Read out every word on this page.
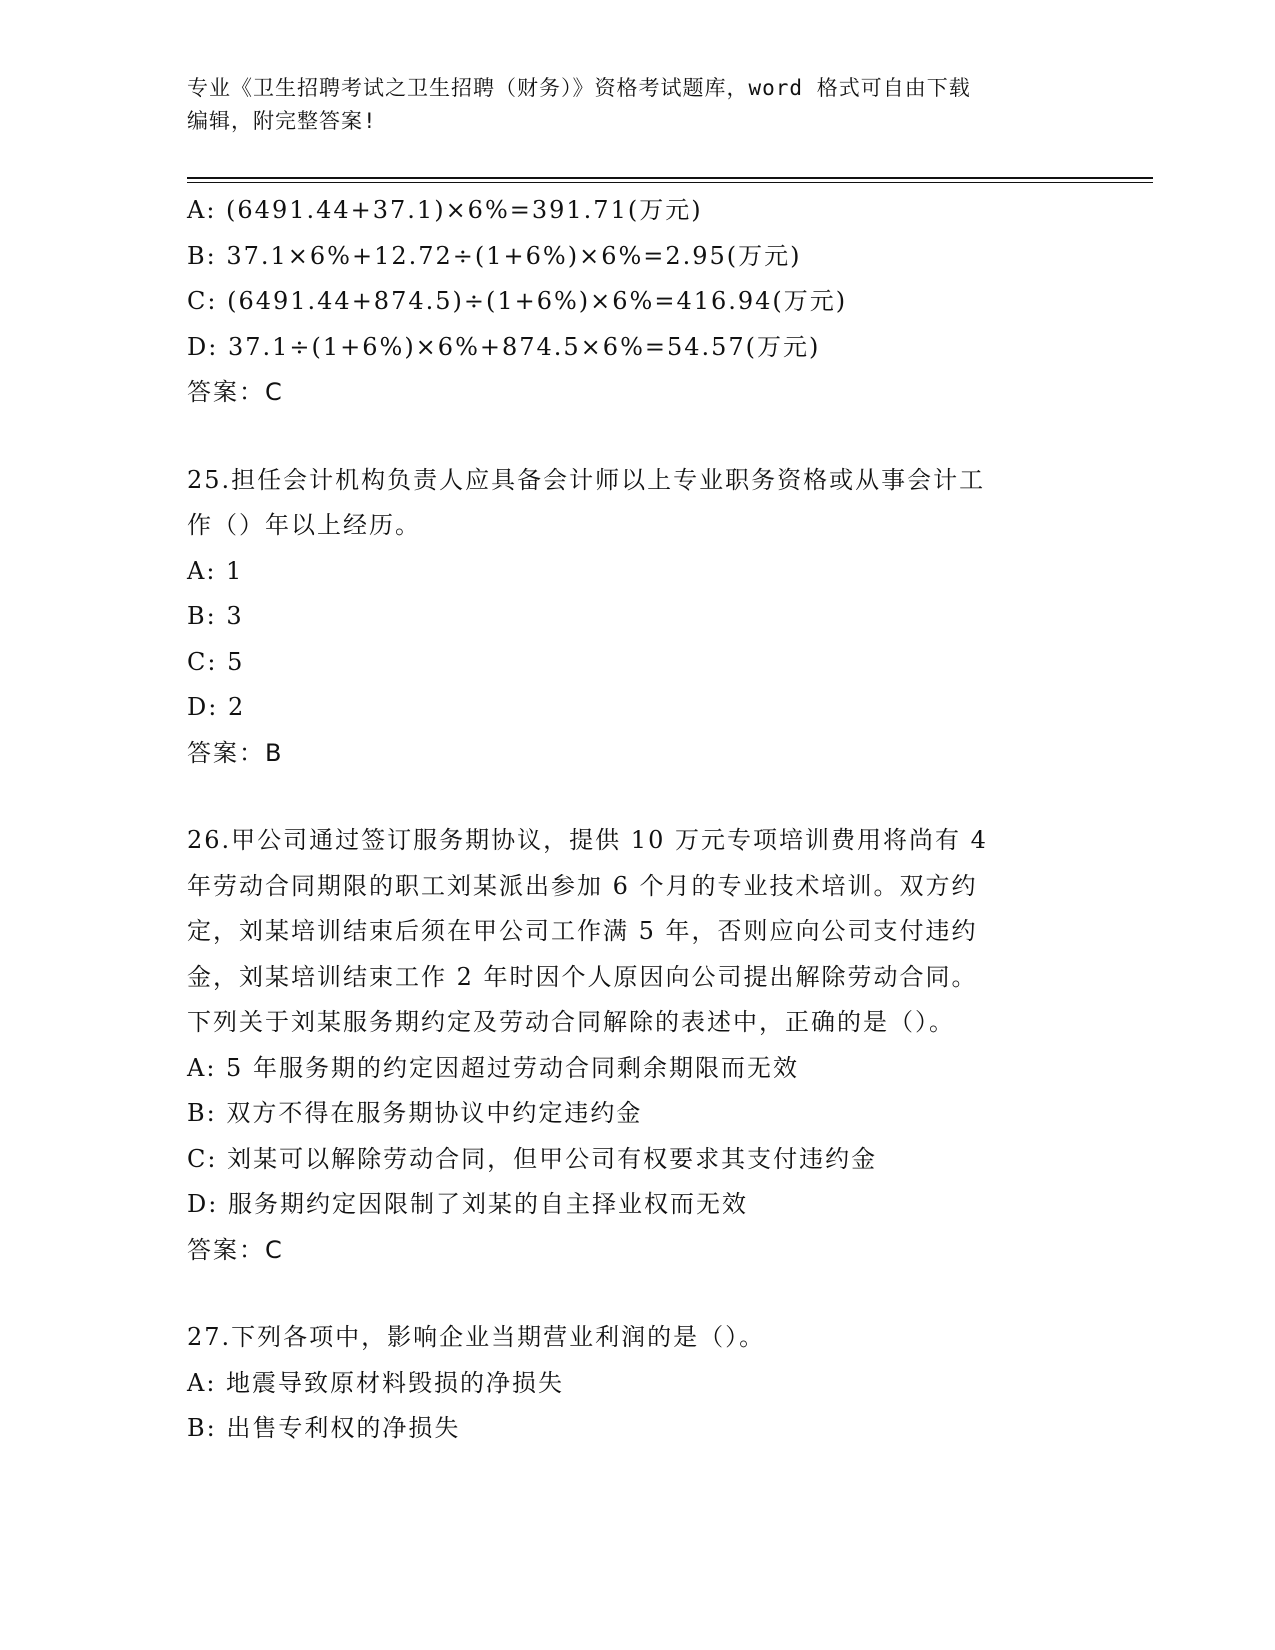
专业《卫生招聘考试之卫生招聘（财务）》资格考试题库，word 格式可自由下载
编辑，附完整答案!
A: (6491.44+37.1)×6%=391.71(万元)
B: 37.1×6%+12.72÷(1+6%)×6%=2.95(万元)
C: (6491.44+874.5)÷(1+6%)×6%=416.94(万元)
D: 37.1÷(1+6%)×6%+874.5×6%=54.57(万元)
答案：C
25.担任会计机构负责人应具备会计师以上专业职务资格或从事会计工
作（）年以上经历。
A: 1
B: 3
C: 5
D: 2
答案：B
26.甲公司通过签订服务期协议，提供 10 万元专项培训费用将尚有 4
年劳动合同期限的职工刘某派出参加 6 个月的专业技术培训。双方约
定，刘某培训结束后须在甲公司工作满 5 年，否则应向公司支付违约
金，刘某培训结束工作 2 年时因个人原因向公司提出解除劳动合同。
下列关于刘某服务期约定及劳动合同解除的表述中，正确的是（）。
A: 5 年服务期的约定因超过劳动合同剩余期限而无效
B: 双方不得在服务期协议中约定违约金
C: 刘某可以解除劳动合同，但甲公司有权要求其支付违约金
D: 服务期约定因限制了刘某的自主择业权而无效
答案：C
27.下列各项中，影响企业当期营业利润的是（）。
A: 地震导致原材料毁损的净损失
B: 出售专利权的净损失
